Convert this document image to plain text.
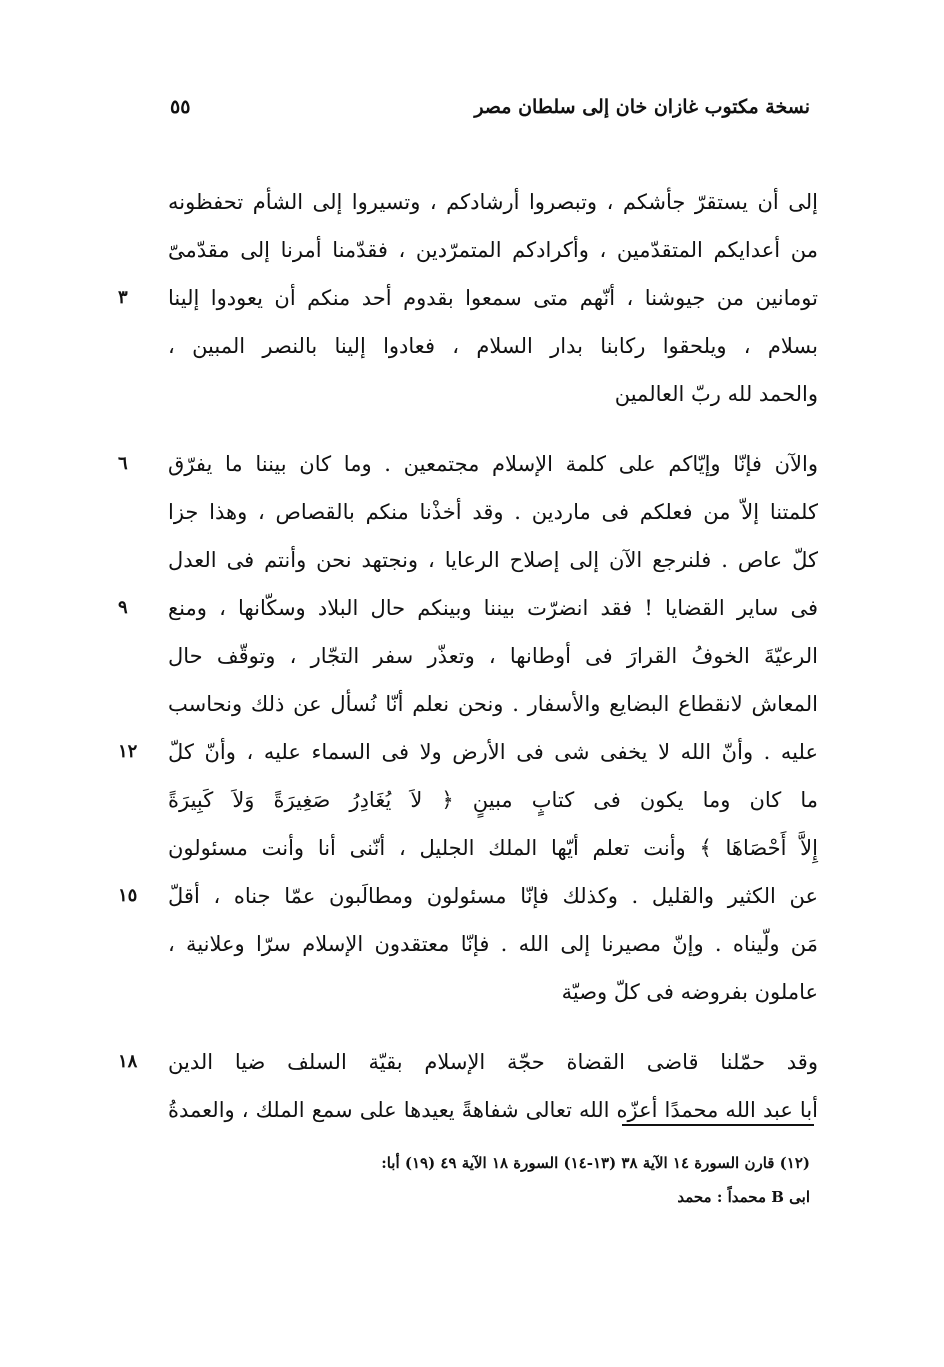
نسخة مكتوب غازان خان إلى سلطان مصر
٥٥
إلى أن يستقرّ جأشكم ، وتبصروا أرشادكم ، وتسيروا إلى الشأم تحفظونه
من أعدايكم المتقدّمين ، وأكرادكم المتمرّدين ، فقدّمنا أمرنا إلى مقدّمىّ
تومانين من جيوشنا ، أنّهم متى سمعوا بقدوم أحد منكم أن يعودوا إلينا
٣
بسلام ، ويلحقوا ركابنا بدار السلام ، فعادوا إلينا بالنصر المبين ،
والحمد لله ربّ العالمين
والآن فإنّا وإيّاكم على كلمة الإسلام مجتمعين . وما كان بيننا ما يفرّق
٦
كلمتنا إلاّ من فعلكم فى ماردين . وقد أخذْنا منكم بالقصاص ، وهذا جزا
كلّ عاص . فلنرجع الآن إلى إصلاح الرعايا ، ونجتهد نحن وأنتم فى العدل
فى ساير القضايا ! فقد انضرّت بيننا وبينكم حال البلاد وسكّانها ، ومنع
٩
الرعيّةَ الخوفُ القرارَ فى أوطانها ، وتعذّر سفر التجّار ، وتوقّف حال
المعاش لانقطاع البضايع والأسفار . ونحن نعلم أنّا نُسأل عن ذلك ونحاسب
عليه . وأنّ الله لا يخفى شى فى الأرض ولا فى السماء عليه ، وأنّ كلّ
١٢
ما كان وما يكون فى كتابٍ مبينٍ ﴿ لاَ يُغَادِرُ صَغِيرَةً وَلاَ كَبِيرَةً
إِلاَّ أَحْصَاهَا ﴾ وأنت تعلم أيّها الملك الجليل ، أنّنى أنا وأنت مسئولون
عن الكثير والقليل . وكذلك فإنّا مسئولون ومطالَبون عمّا جناه ، أقلّ
١٥
مَن ولّيناه . وإنّ مصيرنا إلى الله . فإنّا معتقدون الإسلام سرّا وعلانية ،
عاملون بفروضه فى كلّ وصيّة
وقد حمّلنا قاضى القضاة حجّة الإسلام بقيّة السلف ضيا الدين
١٨
أبا عبد الله محمدًا أعزّه الله تعالى شفاهةً يعيدها على سمع الملك ، والعمدةُ
(١٢) قارن السورة ١٤ الآية ٣٨ (١٣-١٤) السورة ١٨ الآية ٤٩ (١٩) أبا:
ابى B محمداً : محمد
